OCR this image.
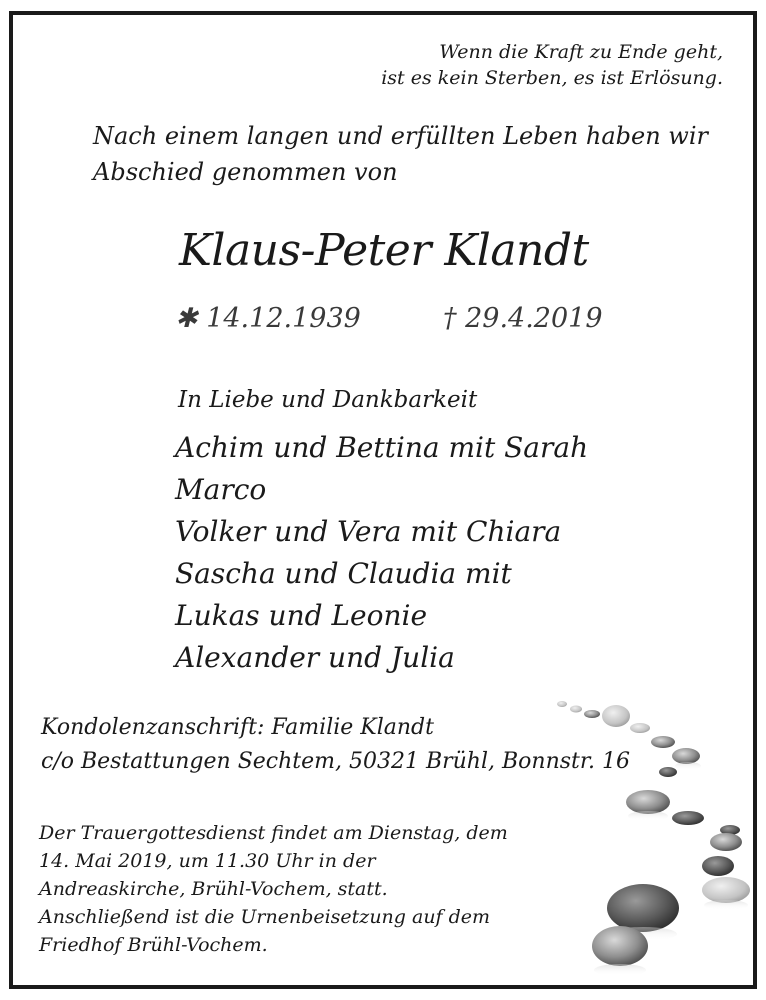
Wenn die Kraft zu Ende geht,
ist es kein Sterben, es ist Erlösung.
Nach einem langen und erfüllten Leben haben wir
Abschied genommen von
Klaus-Peter Klandt
✱ 14.12.1939	† 29.4.2019
In Liebe und Dankbarkeit
Achim und Bettina mit Sarah
Marco
Volker und Vera mit Chiara
Sascha und Claudia mit
Lukas und Leonie
Alexander und Julia
Kondolenzanschrift: Familie Klandt
c/o Bestattungen Sechtem, 50321 Brühl, Bonnstr. 16
Der Trauergottesdienst findet am Dienstag, dem
14. Mai 2019, um 11.30 Uhr in der
Andreaskirche, Brühl-Vochem, statt.
Anschließend ist die Urnenbeisetzung auf dem
Friedhof Brühl-Vochem.
